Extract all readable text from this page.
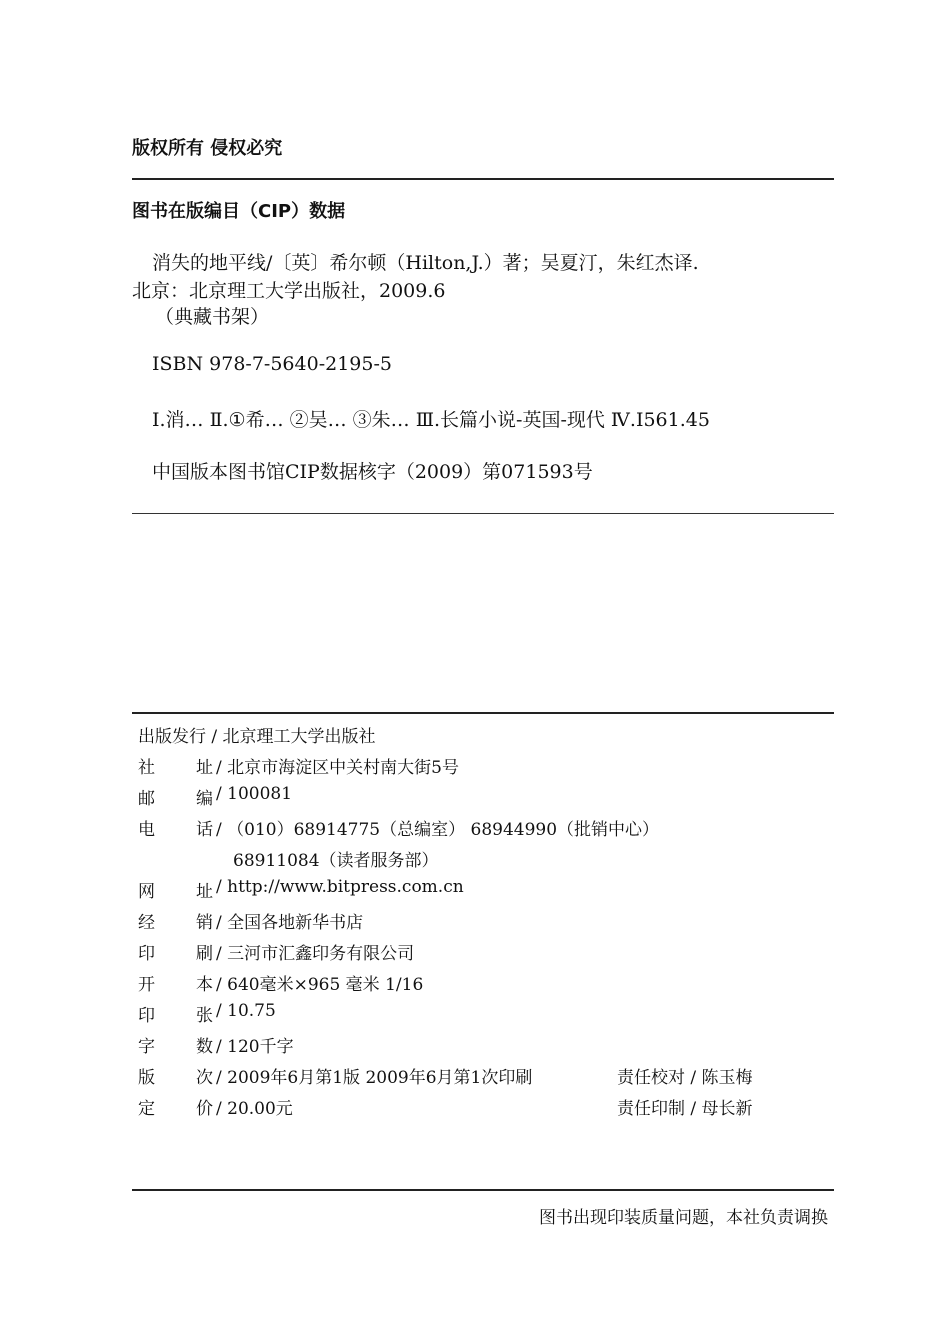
版权所有 侵权必究
图书在版编目（CIP）数据
消失的地平线/〔英〕希尔顿（Hilton,J.）著；吴夏汀，朱红杰译.
北京：北京理工大学出版社，2009.6
（典藏书架）
ISBN 978-7-5640-2195-5
Ⅰ.消… Ⅱ.①希… ②吴… ③朱… Ⅲ.长篇小说-英国-现代 Ⅳ.I561.45
中国版本图书馆CIP数据核字（2009）第071593号
出版发行 / 北京理工大学出版社
社 址 / 北京市海淀区中关村南大街5号
邮 编 / 100081
电 话 / （010）68914775（总编室） 68944990（批销中心）
68911084（读者服务部）
网 址 / http://www.bitpress.com.cn
经 销 / 全国各地新华书店
印 刷 / 三河市汇鑫印务有限公司
开 本 / 640毫米×965 毫米 1/16
印 张 / 10.75
字 数 / 120千字
版 次 / 2009年6月第1版 2009年6月第1次印刷	责任校对 / 陈玉梅
定 价 / 20.00元	责任印制 / 母长新
图书出现印装质量问题，本社负责调换
